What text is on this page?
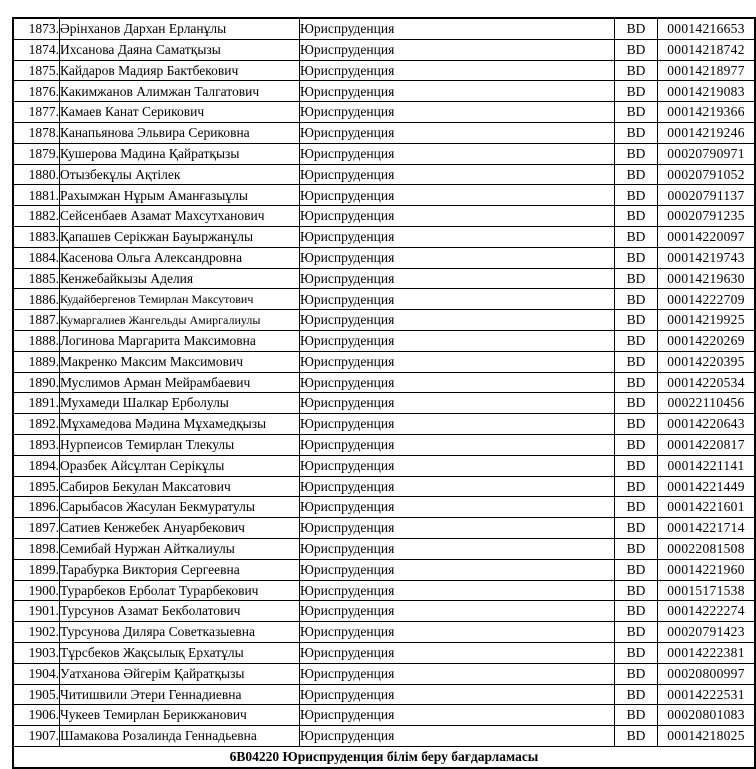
1873.	Әрінханов Дархан Ерланұлы	Юриспруденция	BD	00014216653
1874.	Ихсанова Даяна Саматқызы	Юриспруденция	BD	00014218742
1875.	Кайдаров Мадияр Бактбекович	Юриспруденция	BD	00014218977
1876.	Какимжанов Алимжан Талгатович	Юриспруденция	BD	00014219083
1877.	Камаев Канат Серикович	Юриспруденция	BD	00014219366
1878.	Канапьянова Эльвира Сериковна	Юриспруденция	BD	00014219246
1879.	Кушерова Мадина Қайратқызы	Юриспруденция	BD	00020790971
1880.	Отызбекұлы Ақтілек	Юриспруденция	BD	00020791052
1881.	Рахымжан Нұрым Аманғазыұлы	Юриспруденция	BD	00020791137
1882.	Сейсенбаев Азамат Махсутханович	Юриспруденция	BD	00020791235
1883.	Қапашев Серікжан Бауыржанұлы	Юриспруденция	BD	00014220097
1884.	Касенова Ольга Александровна	Юриспруденция	BD	00014219743
1885.	Кенжебайкызы Аделия	Юриспруденция	BD	00014219630
1886.	Кудайбергенов Темирлан Максутович	Юриспруденция	BD	00014222709
1887.	Кумаргалиев Жангельды Амиргалиулы	Юриспруденция	BD	00014219925
1888.	Логинова Маргарита Максимовна	Юриспруденция	BD	00014220269
1889.	Макренко Максим Максимович	Юриспруденция	BD	00014220395
1890.	Муслимов Арман Мейрамбаевич	Юриспруденция	BD	00014220534
1891.	Мухамеди Шалкар Ерболулы	Юриспруденция	BD	00022110456
1892.	Мұхамедова Мәдина Мұхамедқызы	Юриспруденция	BD	00014220643
1893.	Нурпеисов Темирлан Тлекулы	Юриспруденция	BD	00014220817
1894.	Оразбек Айсұлтан Серікұлы	Юриспруденция	BD	00014221141
1895.	Сабиров Бекулан Максатович	Юриспруденция	BD	00014221449
1896.	Сарыбасов Жасулан Бекмуратулы	Юриспруденция	BD	00014221601
1897.	Сатиев Кенжебек Ануарбекович	Юриспруденция	BD	00014221714
1898.	Семибай Нуржан Айткалиулы	Юриспруденция	BD	00022081508
1899.	Тарабурка Виктория Сергеевна	Юриспруденция	BD	00014221960
1900.	Турарбеков Ерболат Турарбекович	Юриспруденция	BD	00015171538
1901.	Турсунов Азамат Бекболатович	Юриспруденция	BD	00014222274
1902.	Турсунова Диляра Советказыевна	Юриспруденция	BD	00020791423
1903.	Тұрсбеков Жақсылық Ерхатұлы	Юриспруденция	BD	00014222381
1904.	Уатханова Әйгерім Қайратқызы	Юриспруденция	BD	00020800997
1905.	Читишвили Этери Геннадиевна	Юриспруденция	BD	00014222531
1906.	Чукеев Темирлан Берикжанович	Юриспруденция	BD	00020801083
1907.	Шамакова Розалинда Геннадьевна	Юриспруденция	BD	00014218025
6В04220 Юриспруденция білім беру бағдарламасы				
